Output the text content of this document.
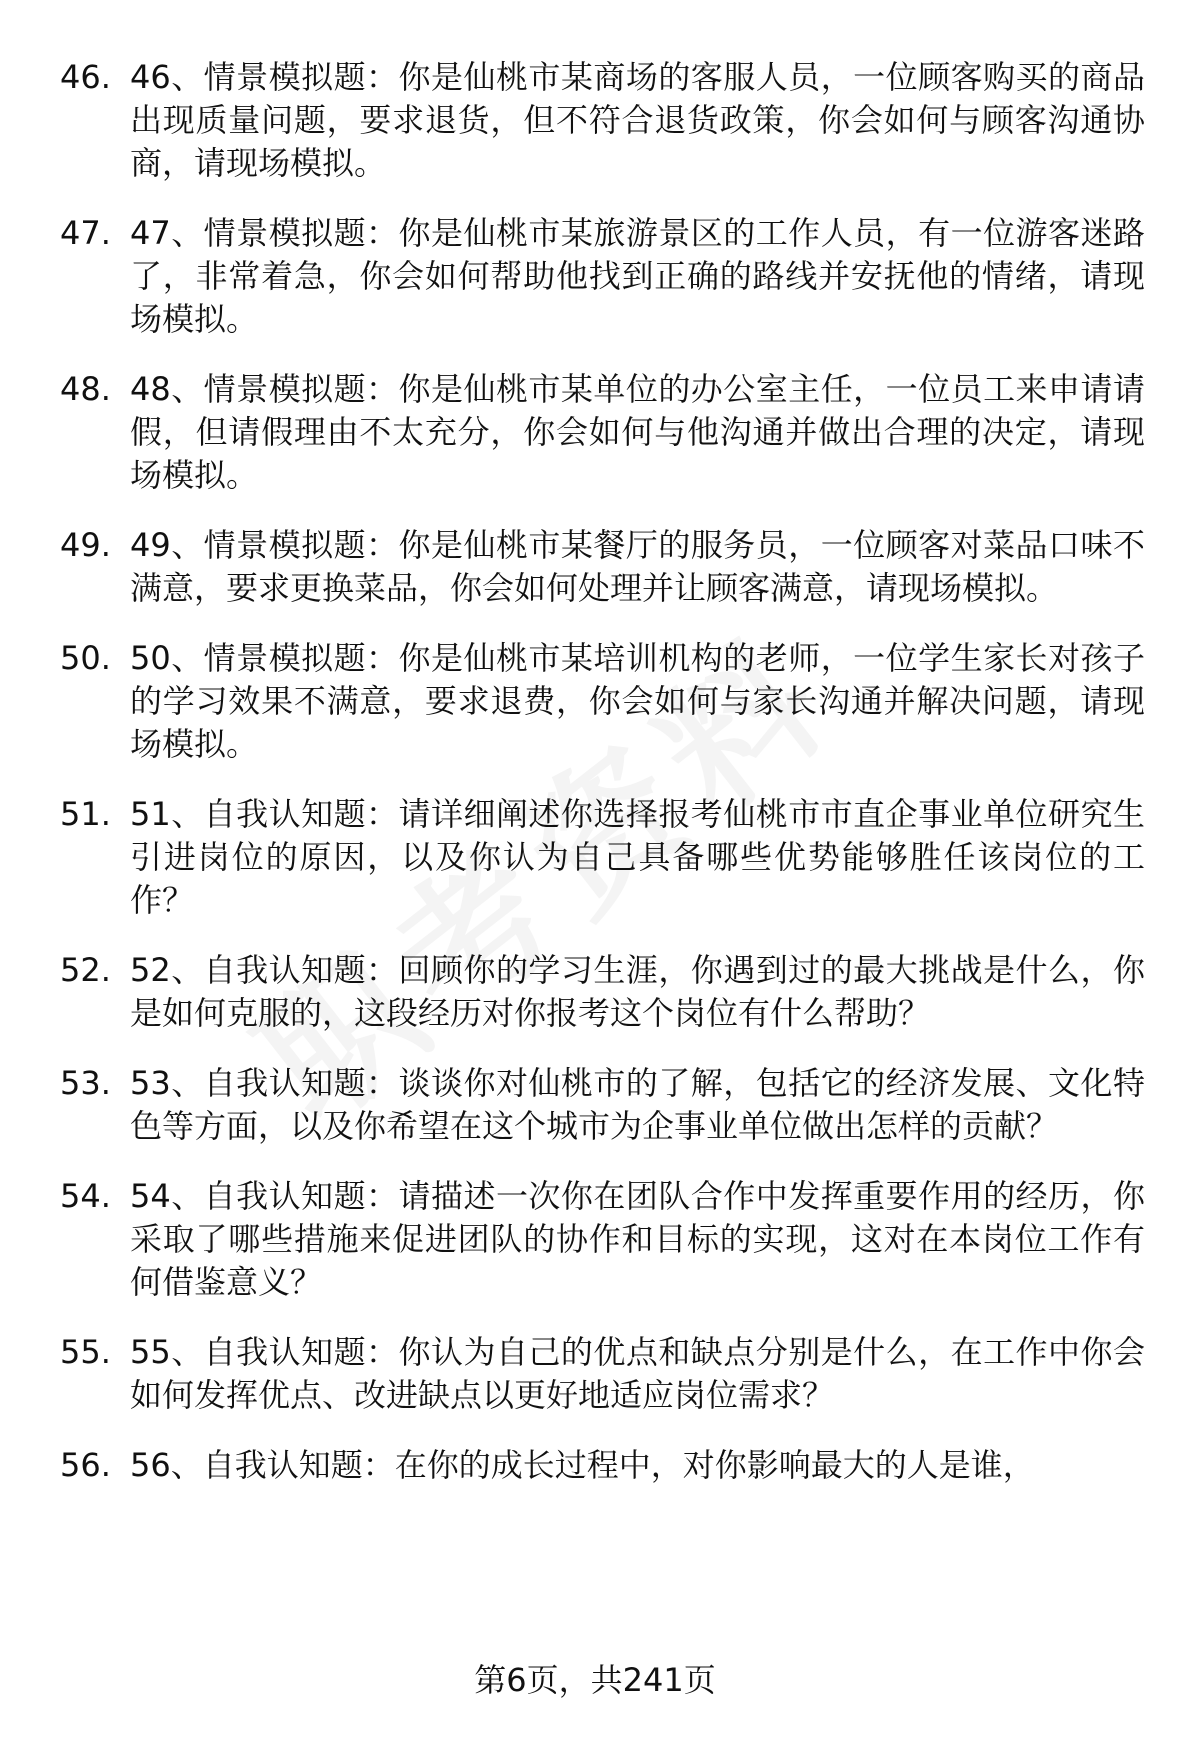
46. 46、情景模拟题：你是仙桃市某商场的客服人员，一位顾客购买的商品出现质量问题，要求退货，但不符合退货政策，你会如何与顾客沟通协商，请现场模拟。
47. 47、情景模拟题：你是仙桃市某旅游景区的工作人员，有一位游客迷路了，非常着急，你会如何帮助他找到正确的路线并安抚他的情绪，请现场模拟。
48. 48、情景模拟题：你是仙桃市某单位的办公室主任，一位员工来申请请假，但请假理由不太充分，你会如何与他沟通并做出合理的决定，请现场模拟。
49. 49、情景模拟题：你是仙桃市某餐厅的服务员，一位顾客对菜品口味不满意，要求更换菜品，你会如何处理并让顾客满意，请现场模拟。
50. 50、情景模拟题：你是仙桃市某培训机构的老师，一位学生家长对孩子的学习效果不满意，要求退费，你会如何与家长沟通并解决问题，请现场模拟。
51. 51、自我认知题：请详细阐述你选择报考仙桃市市直企事业单位研究生引进岗位的原因，以及你认为自己具备哪些优势能够胜任该岗位的工作？
52. 52、自我认知题：回顾你的学习生涯，你遇到过的最大挑战是什么，你是如何克服的，这段经历对你报考这个岗位有什么帮助？
53. 53、自我认知题：谈谈你对仙桃市的了解，包括它的经济发展、文化特色等方面，以及你希望在这个城市为企事业单位做出怎样的贡献？
54. 54、自我认知题：请描述一次你在团队合作中发挥重要作用的经历，你采取了哪些措施来促进团队的协作和目标的实现，这对在本岗位工作有何借鉴意义？
55. 55、自我认知题：你认为自己的优点和缺点分别是什么，在工作中你会如何发挥优点、改进缺点以更好地适应岗位需求？
56. 56、自我认知题：在你的成长过程中，对你影响最大的人是谁，
第6页，共241页
